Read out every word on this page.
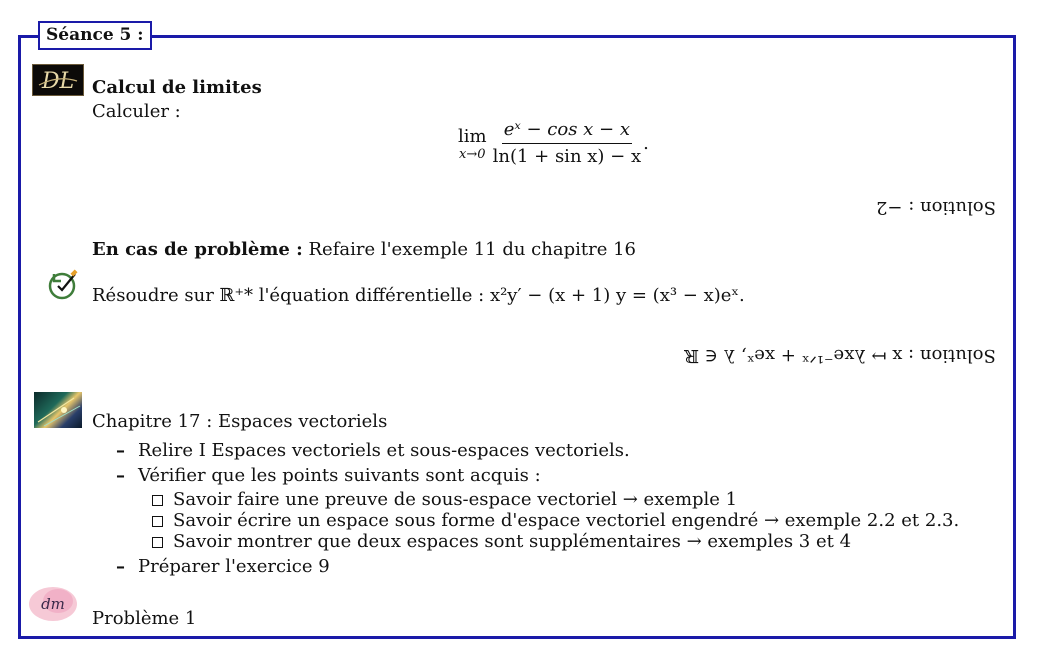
Séance 5 :
DL Calcul de limites
Calculer :
lim
$x\to 0 \frac{\text{eˣ − cos x − x}}{\text{ln(1 + sin x) − x}}$ .
Solution : −2
En cas de problème : Refaire l'exemple 11 du chapitre 16
Résoudre sur ℝ⁺* l'équation différentielle : x²y′ − (x + 1) y = (x³ − x)eˣ.
Solution : x ↦ λxe⁻¹ᐟˣ + xeˣ, λ ∈ ℝ
Chapitre 17 : Espaces vectoriels
– Relire I Espaces vectoriels et sous-espaces vectoriels.
– Vérifier que les points suivants sont acquis :
Savoir faire une preuve de sous-espace vectoriel → exemple 1
Savoir écrire un espace sous forme d'espace vectoriel engendré → exemple 2.2 et 2.3.
Savoir montrer que deux espaces sont supplémentaires → exemples 3 et 4
– Préparer l'exercice 9
dm
Problème 1
